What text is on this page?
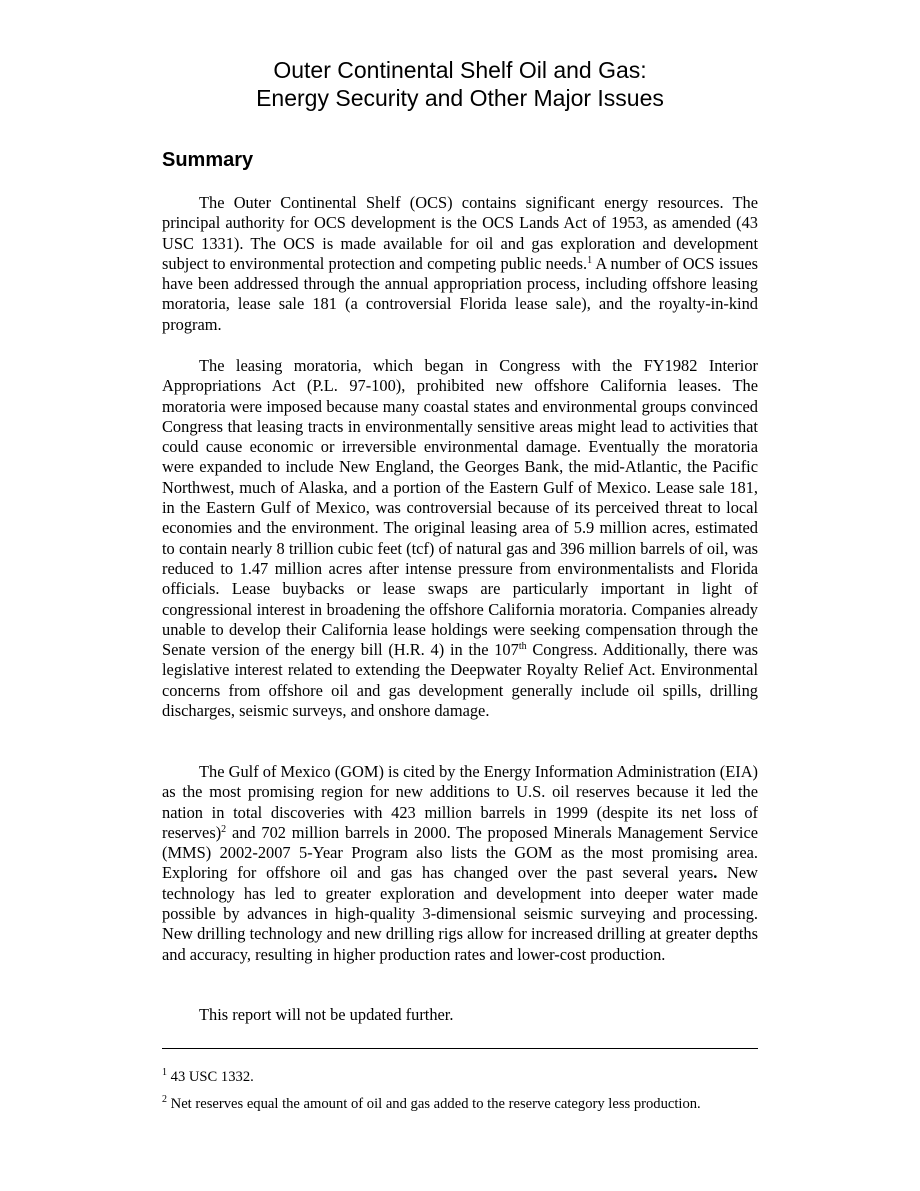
Outer Continental Shelf Oil and Gas:
Energy Security and Other Major Issues
Summary

The Outer Continental Shelf (OCS) contains significant energy resources. The principal authority for OCS development is the OCS Lands Act of 1953, as amended (43 USC 1331). The OCS is made available for oil and gas exploration and development subject to environmental protection and competing public needs.$^1$ A number of OCS issues have been addressed through the annual appropriation process, including offshore leasing moratoria, lease sale 181 (a controversial Florida lease sale), and the royalty-in-kind program.

The leasing moratoria, which began in Congress with the FY1982 Interior Appropriations Act (P.L. 97-100), prohibited new offshore California leases. The moratoria were imposed because many coastal states and environmental groups convinced Congress that leasing tracts in environmentally sensitive areas might lead to activities that could cause economic or irreversible environmental damage. Eventually the moratoria were expanded to include New England, the Georges Bank, the mid-Atlantic, the Pacific Northwest, much of Alaska, and a portion of the Eastern Gulf of Mexico. Lease sale 181, in the Eastern Gulf of Mexico, was controversial because of its perceived threat to local economies and the environment. The original leasing area of 5.9 million acres, estimated to contain nearly 8 trillion cubic feet (tcf) of natural gas and 396 million barrels of oil, was reduced to 1.47 million acres after intense pressure from environmentalists and Florida officials. Lease buybacks or lease swaps are particularly important in light of congressional interest in broadening the offshore California moratoria. Companies already unable to develop their California lease holdings were seeking compensation through the Senate version of the energy bill (H.R. 4) in the 107th Congress. Additionally, there was legislative interest related to extending the Deepwater Royalty Relief Act. Environmental concerns from offshore oil and gas development generally include oil spills, drilling discharges, seismic surveys, and onshore damage.

The Gulf of Mexico (GOM) is cited by the Energy Information Administration (EIA) as the most promising region for new additions to U.S. oil reserves because it led the nation in total discoveries with 423 million barrels in 1999 (despite its net loss of reserves)$^2$ and 702 million barrels in 2000. The proposed Minerals Management Service (MMS) 2002-2007 5-Year Program also lists the GOM as the most promising area. Exploring for offshore oil and gas has changed over the past several years. New technology has led to greater exploration and development into deeper water made possible by advances in high-quality 3-dimensional seismic surveying and processing. New drilling technology and new drilling rigs allow for increased drilling at greater depths and accuracy, resulting in higher production rates and lower-cost production.

This report will not be updated further.

$^1$ 43 USC 1332.
$^2$ Net reserves equal the amount of oil and gas added to the reserve category less production.
